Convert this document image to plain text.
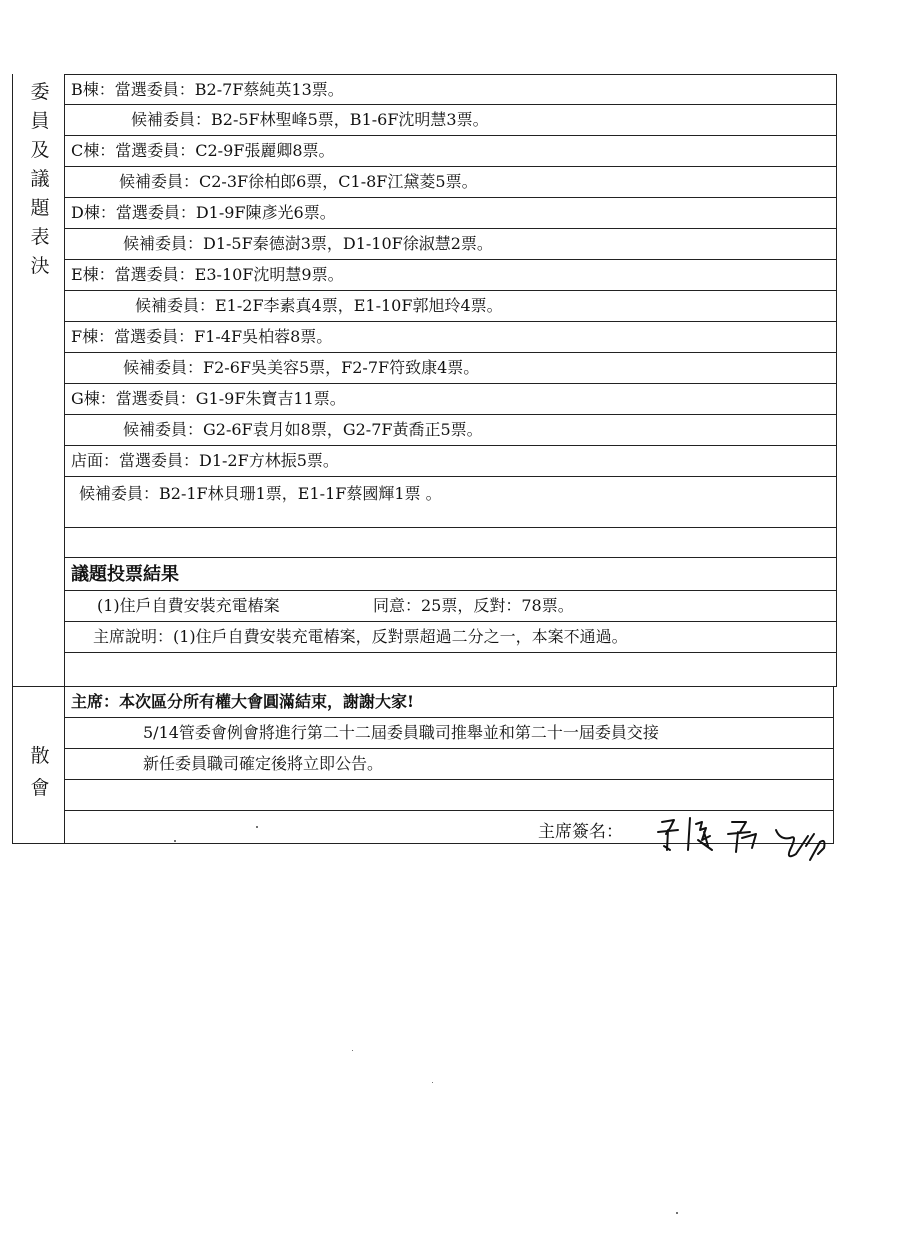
委
員
及
議
題
表
決
散
會
B棟：當選委員：B2-7F蔡純英13票。
候補委員：B2-5F林聖峰5票，B1-6F沈明慧3票。
C棟：當選委員：C2-9F張麗卿8票。
候補委員：C2-3F徐柏郎6票，C1-8F江黛菱5票。
D棟：當選委員：D1-9F陳彥光6票。
候補委員：D1-5F秦德澍3票，D1-10F徐淑慧2票。
E棟：當選委員：E3-10F沈明慧9票。
候補委員：E1-2F李素真4票，E1-10F郭旭玲4票。
F棟：當選委員：F1-4F吳柏蓉8票。
候補委員：F2-6F吳美容5票，F2-7F符致康4票。
G棟：當選委員：G1-9F朱寶吉11票。
候補委員：G2-6F袁月如8票，G2-7F黃喬正5票。
店面：當選委員：D1-2F方林振5票。
候補委員：B2-1F林貝珊1票，E1-1F蔡國輝1票 。
議題投票結果
(1)住戶自費安裝充電樁案	同意：25票，反對：78票。
主席說明：(1)住戶自費安裝充電樁案，反對票超過二分之一，本案不通過。
主席：本次區分所有權大會圓滿結束，謝謝大家!
5/14管委會例會將進行第二十二屆委員職司推舉並和第二十一屆委員交接
新任委員職司確定後將立即公告。
主席簽名：
